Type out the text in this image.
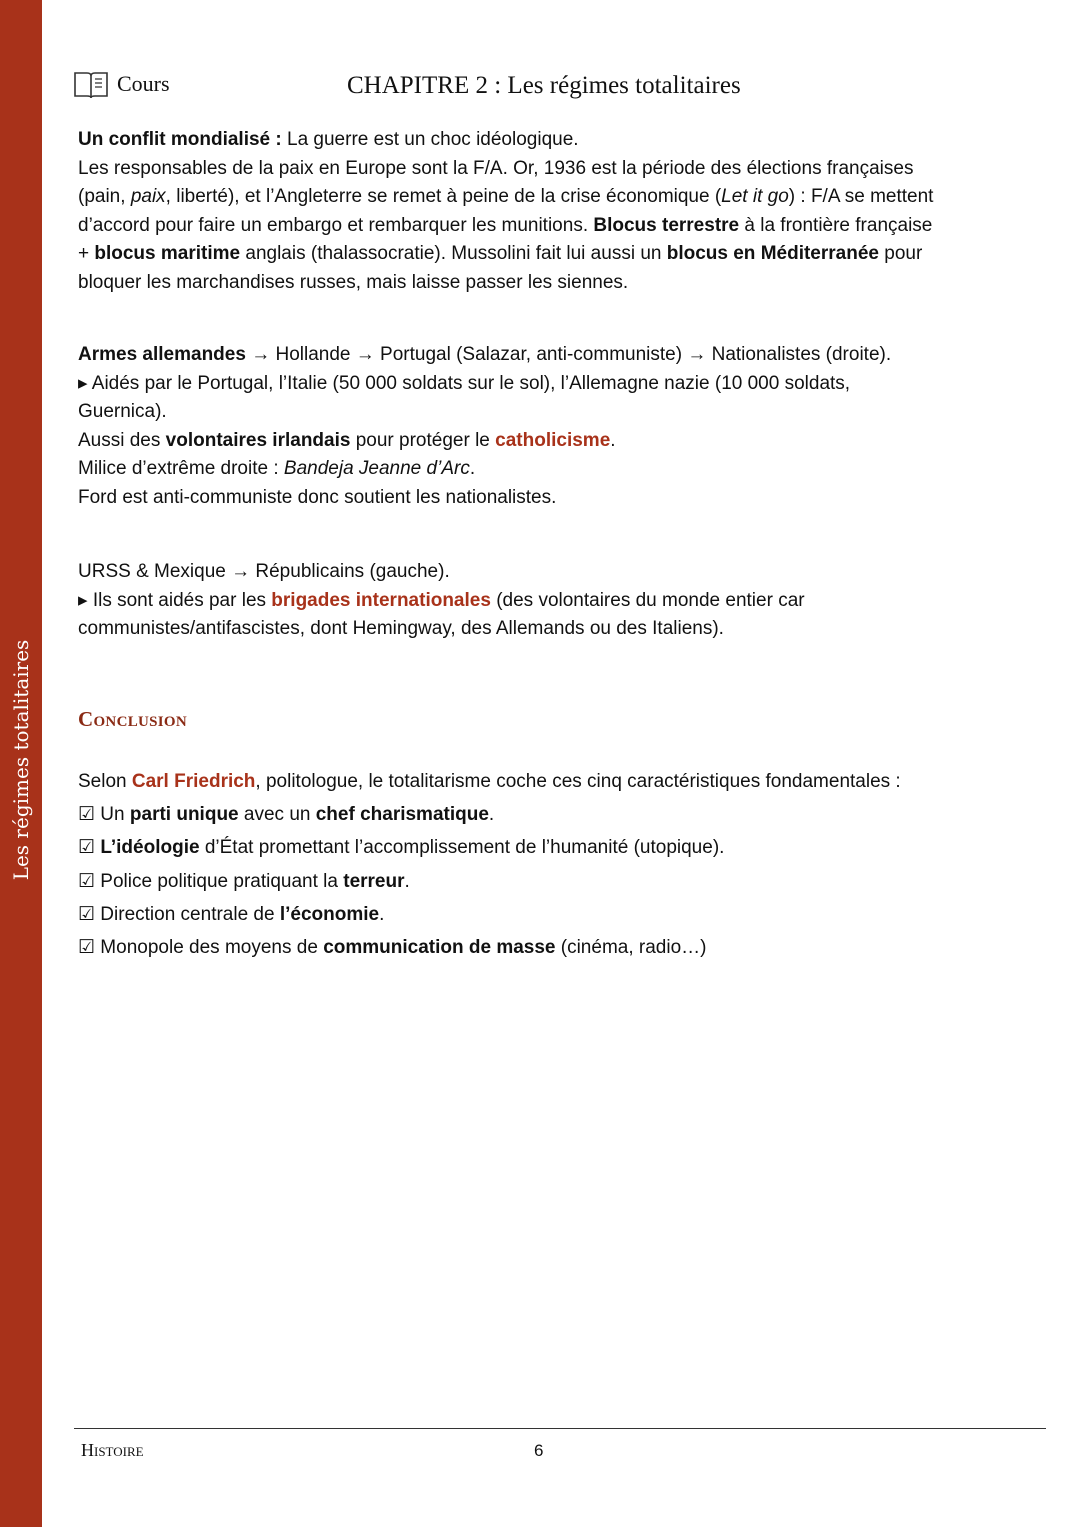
Les régimes totalitaires
Cours	CHAPITRE 2 : Les régimes totalitaires
Un conflit mondialisé : La guerre est un choc idéologique.
Les responsables de la paix en Europe sont la F/A. Or, 1936 est la période des élections françaises
(pain, paix, liberté), et l’Angleterre se remet à peine de la crise économique (Let it go) : F/A se mettent
d’accord pour faire un embargo et rembarquer les munitions. Blocus terrestre à la frontière française
+ blocus maritime anglais (thalassocratie). Mussolini fait lui aussi un blocus en Méditerranée pour
bloquer les marchandises russes, mais laisse passer les siennes.
Armes allemandes → Hollande → Portugal (Salazar, anti-communiste) → Nationalistes (droite).
▸ Aidés par le Portugal, l’Italie (50 000 soldats sur le sol), l’Allemagne nazie (10 000 soldats,
Guernica).
Aussi des volontaires irlandais pour protéger le catholicisme.
Milice d’extrême droite : Bandeja Jeanne d’Arc.
Ford est anti-communiste donc soutient les nationalistes.
URSS & Mexique → Républicains (gauche).
▸ Ils sont aidés par les brigades internationales (des volontaires du monde entier car
communistes/antifascistes, dont Hemingway, des Allemands ou des Italiens).
Conclusion
Selon Carl Friedrich, politologue, le totalitarisme coche ces cinq caractéristiques fondamentales :
☑ Un parti unique avec un chef charismatique.
☑ L’idéologie d’État promettant l’accomplissement de l’humanité (utopique).
☑ Police politique pratiquant la terreur.
☑ Direction centrale de l’économie.
☑ Monopole des moyens de communication de masse (cinéma, radio…)
Histoire	6
